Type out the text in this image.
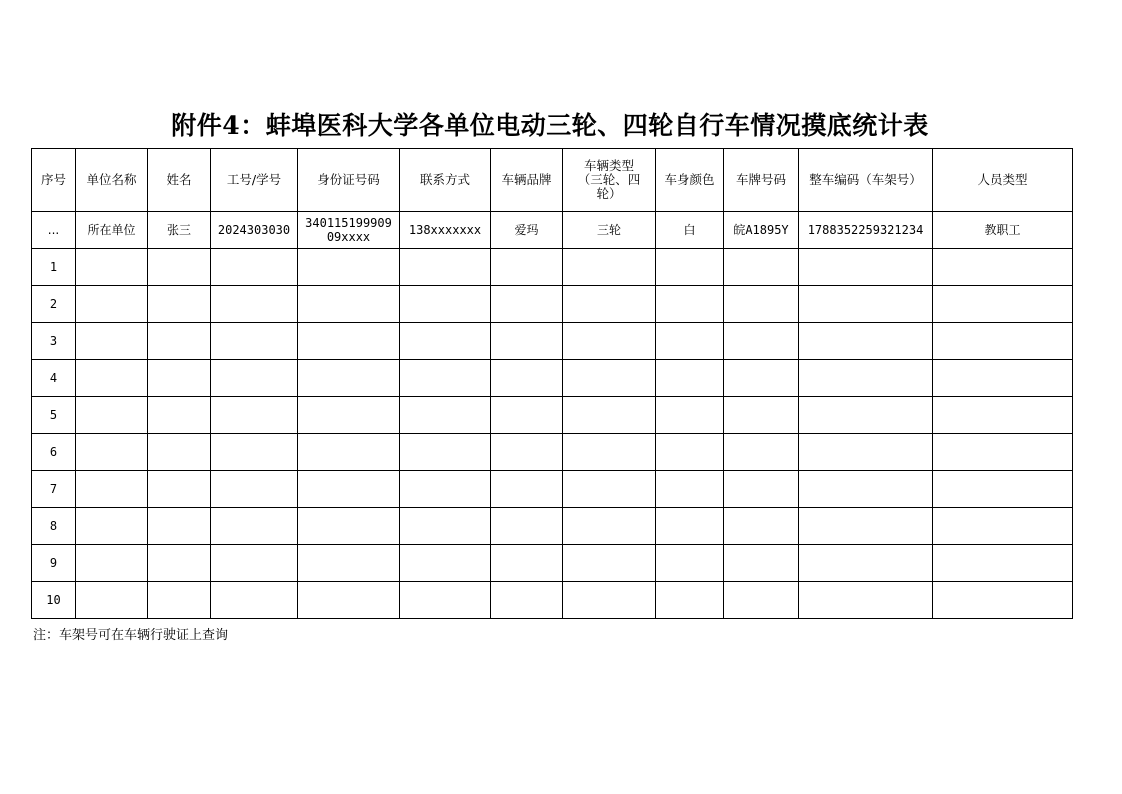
附件4：蚌埠医科大学各单位电动三轮、四轮自行车情况摸底统计表
序号	单位名称	姓名	工号/学号	身份证号码	联系方式	车辆品牌	车辆类型（三轮、四轮）	车身颜色	车牌号码	整车编码（车架号）	人员类型
...	所在单位	张三	2024303030	340115199909 09xxxx	138xxxxxxx	爱玛	三轮	白	皖A1895Y	1788352259321234	教职工
1											
2											
3											
4											
5											
6											
7											
8											
9											
10											
注：车架号可在车辆行驶证上查询
